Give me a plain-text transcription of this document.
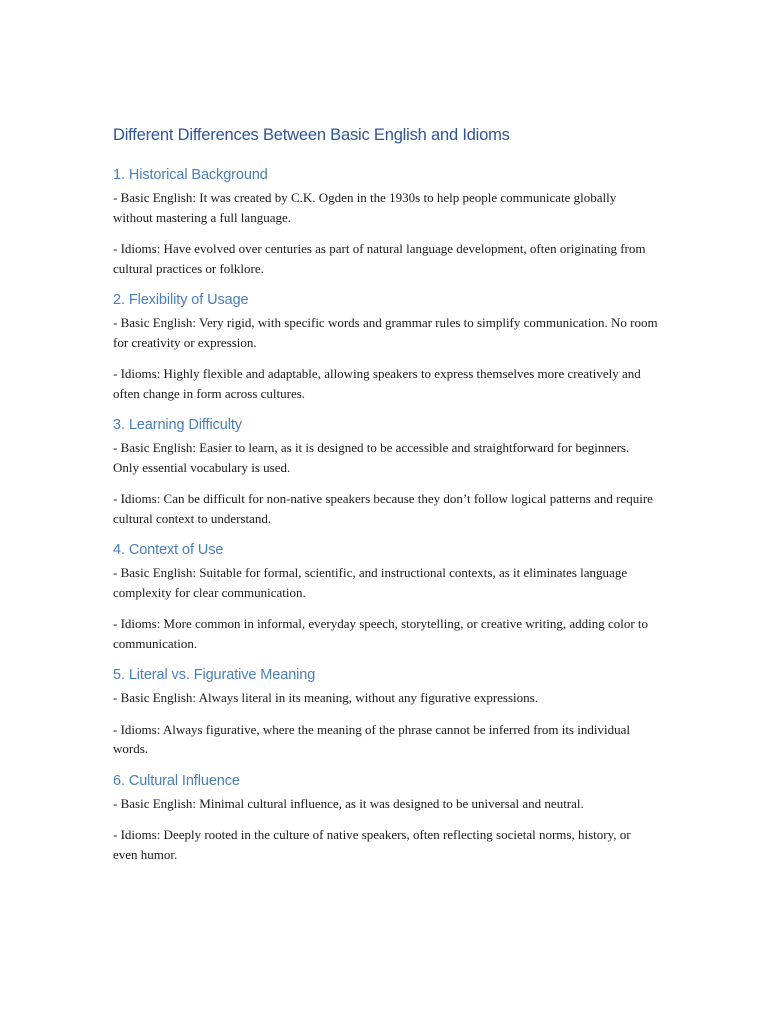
Different Differences Between Basic English and Idioms
1. Historical Background

- Basic English: It was created by C.K. Ogden in the 1930s to help people communicate globally without mastering a full language.

- Idioms: Have evolved over centuries as part of natural language development, often originating from cultural practices or folklore.

2. Flexibility of Usage

- Basic English: Very rigid, with specific words and grammar rules to simplify communication. No room for creativity or expression.

- Idioms: Highly flexible and adaptable, allowing speakers to express themselves more creatively and often change in form across cultures.

3. Learning Difficulty

- Basic English: Easier to learn, as it is designed to be accessible and straightforward for beginners. Only essential vocabulary is used.

- Idioms: Can be difficult for non-native speakers because they don’t follow logical patterns and require cultural context to understand.

4. Context of Use

- Basic English: Suitable for formal, scientific, and instructional contexts, as it eliminates language complexity for clear communication.

- Idioms: More common in informal, everyday speech, storytelling, or creative writing, adding color to communication.

5. Literal vs. Figurative Meaning

- Basic English: Always literal in its meaning, without any figurative expressions.

- Idioms: Always figurative, where the meaning of the phrase cannot be inferred from its individual words.

6. Cultural Influence

- Basic English: Minimal cultural influence, as it was designed to be universal and neutral.

- Idioms: Deeply rooted in the culture of native speakers, often reflecting societal norms, history, or even humor.
